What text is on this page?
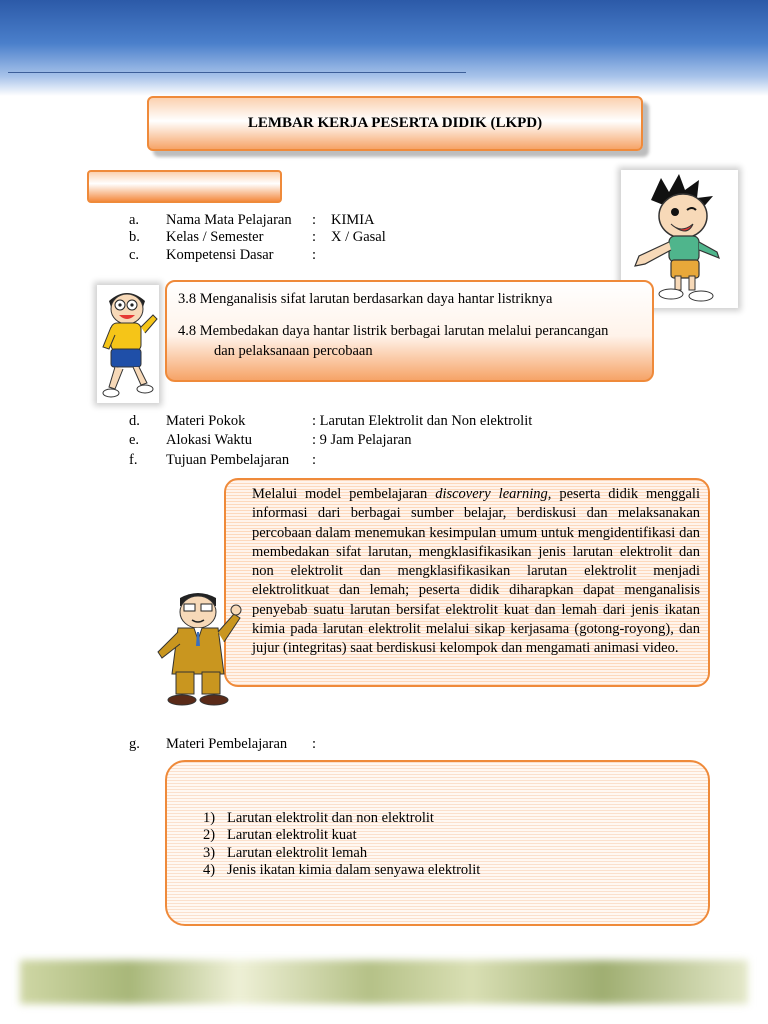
LEMBAR KERJA PESERTA DIDIK (LKPD)
a. Nama Mata Pelajaran : KIMIA
b. Kelas / Semester	: X / Gasal
c. Kompetensi Dasar	:
3.8 Menganalisis sifat larutan berdasarkan daya hantar listriknya
4.8 Membedakan daya hantar listrik berbagai larutan melalui perancangan
dan pelaksanaan percobaan
d. Materi Pokok	: Larutan Elektrolit dan Non elektrolit
e. Alokasi Waktu	: 9 Jam Pelajaran
f. Tujuan Pembelajaran :
Melalui model pembelajaran discovery learning, peserta didik menggali informasi dari berbagai sumber belajar, berdiskusi dan melaksanakan percobaan dalam menemukan kesimpulan umum untuk mengidentifikasi dan membedakan sifat larutan, mengklasifikasikan jenis larutan elektrolit dan non elektrolit dan mengklasifikasikan larutan elektrolit menjadi elektrolitkuat dan lemah; peserta didik diharapkan dapat menganalisis penyebab suatu larutan bersifat elektrolit kuat dan lemah dari jenis ikatan kimia pada larutan elektrolit melalui sikap kerjasama (gotong-royong), dan jujur (integritas) saat berdiskusi kelompok dan mengamati animasi video.
g. Materi Pembelajaran :
1) Larutan elektrolit dan non elektrolit
2) Larutan elektrolit kuat
3) Larutan elektrolit lemah
4) Jenis ikatan kimia dalam senyawa elektrolit
